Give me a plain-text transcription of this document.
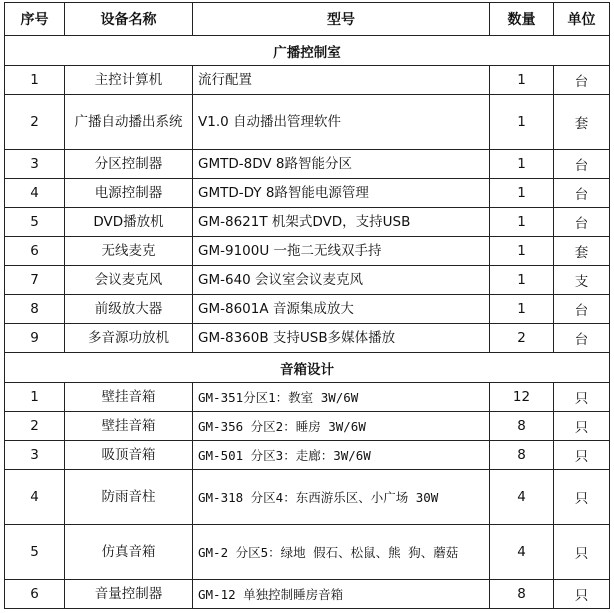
序号	设备名称	型号	数量	单位
广播控制室				
1	主控计算机	流行配置	1	台
2	广播自动播出系统	V1.0 自动播出管理软件	1	套
3	分区控制器	GMTD-8DV 8路智能分区	1	台
4	电源控制器	GMTD-DY 8路智能电源管理	1	台
5	DVD播放机	GM-8621T 机架式DVD，支持USB	1	台
6	无线麦克	GM-9100U 一拖二无线双手持	1	套
7	会议麦克风	GM-640 会议室会议麦克风	1	支
8	前级放大器	GM-8601A 音源集成放大	1	台
9	多音源功放机	GM-8360B 支持USB多媒体播放	2	台
音箱设计				
1	壁挂音箱	GM-351分区1：教室 3W/6W	12	只
2	壁挂音箱	GM-356 分区2：睡房 3W/6W	8	只
3	吸顶音箱	GM-501 分区3：走廊：3W/6W	8	只
4	防雨音柱	GM-318 分区4：东西游乐区、小广场 30W	4	只
5	仿真音箱	GM-2 分区5：绿地 假石、松鼠、熊 狗、蘑菇	4	只
6	音量控制器	GM-12 单独控制睡房音箱	8	只
